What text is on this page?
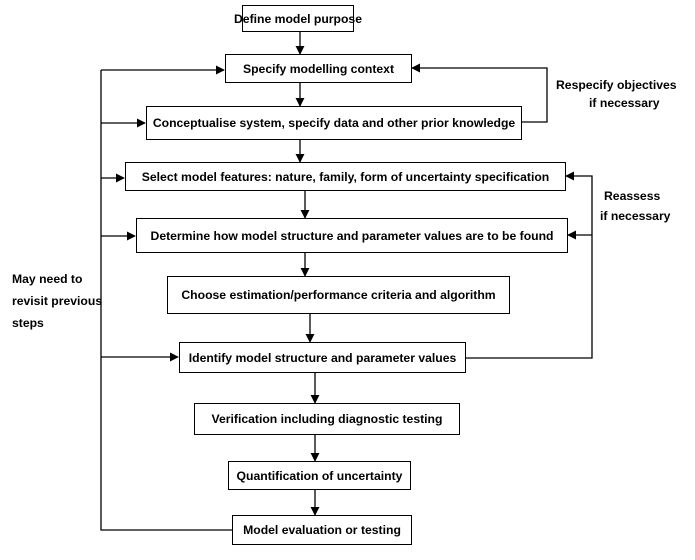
Define model purpose
Specify modelling context
Conceptualise system, specify data and other prior knowledge
Select model features: nature, family, form of uncertainty specification
Determine how model structure and parameter values are to be found
Choose estimation/performance criteria and algorithm
Identify model structure and parameter values
Verification including diagnostic testing
Quantification of uncertainty
Model evaluation or testing
Respecify objectives
if necessary
Reassess
if necessary
May need to
revisit previous
steps
